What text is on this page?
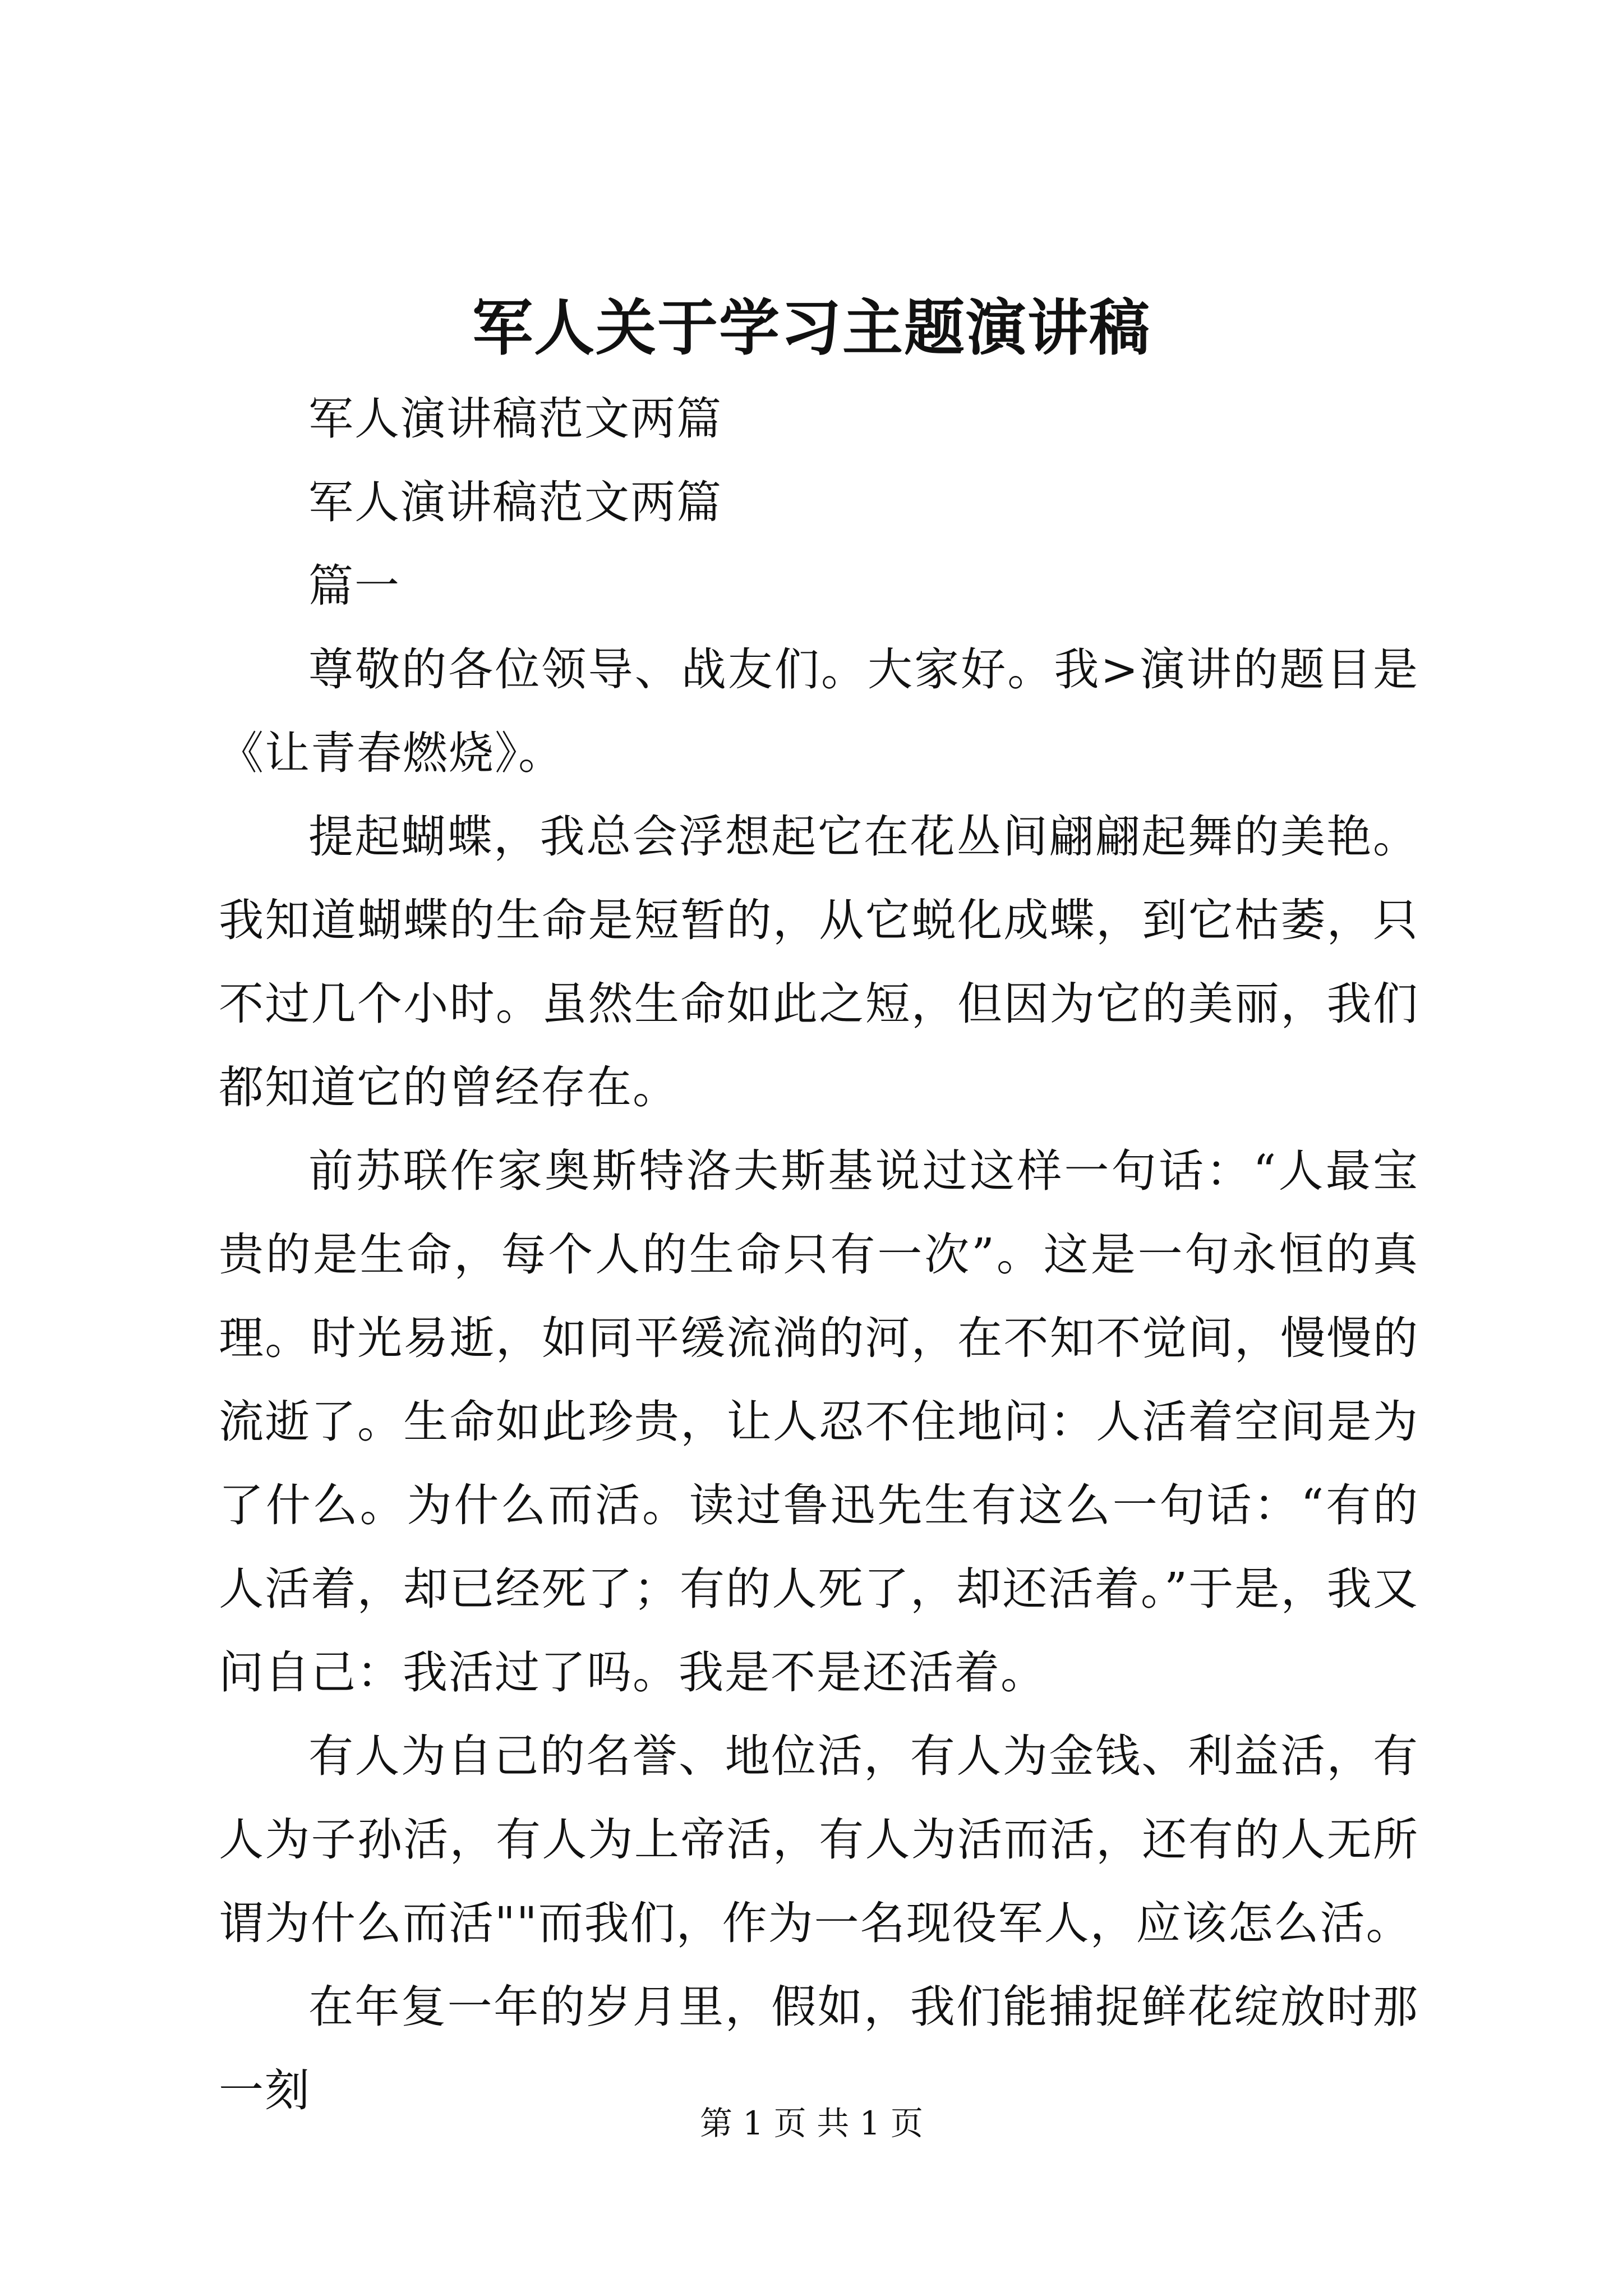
军人关于学习主题演讲稿

军人演讲稿范文两篇

军人演讲稿范文两篇

篇一

尊敬的各位领导、战友们。大家好。我>演讲的题目是《让青春燃烧》。

提起蝴蝶，我总会浮想起它在花丛间翩翩起舞的美艳。我知道蝴蝶的生命是短暂的，从它蜕化成蝶，到它枯萎，只不过几个小时。虽然生命如此之短，但因为它的美丽，我们都知道它的曾经存在。

前苏联作家奥斯特洛夫斯基说过这样一句话：“人最宝贵的是生命，每个人的生命只有一次”。这是一句永恒的真理。时光易逝，如同平缓流淌的河，在不知不觉间，慢慢的流逝了。生命如此珍贵，让人忍不住地问：人活着空间是为了什么。为什么而活。读过鲁迅先生有这么一句话：“有的人活着，却已经死了；有的人死了，却还活着。”于是，我又问自己：我活过了吗。我是不是还活着。

有人为自己的名誉、地位活，有人为金钱、利益活，有人为子孙活，有人为上帝活，有人为活而活，还有的人无所谓为什么而活""而我们，作为一名现役军人，应该怎么活。

在年复一年的岁月里，假如，我们能捕捉鲜花绽放时那一刻

第 1 页 共 1 页
